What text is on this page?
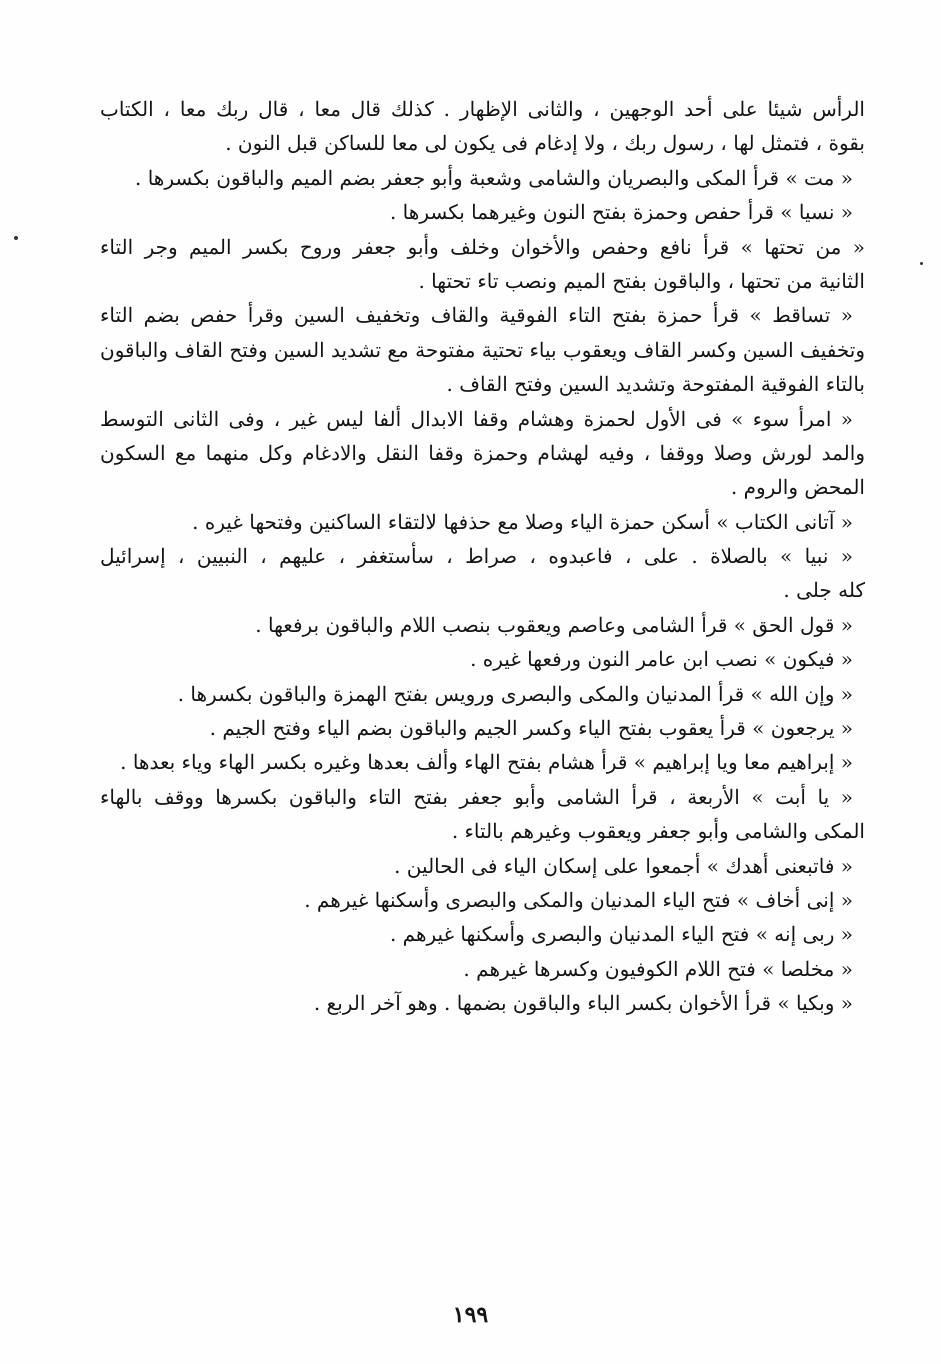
الرأس شيئا على أحد الوجهين ، والثانى الإظهار . كذلك قال معا ، قال ربك معا ، الكتاب
بقوة ، فتمثل لها ، رسول ربك ، ولا إدغام فى يكون لى معا للساكن قبل النون .
« مت » قرأ المكى والبصريان والشامى وشعبة وأبو جعفر بضم الميم والباقون بكسرها .
« نسيا » قرأ حفص وحمزة بفتح النون وغيرهما بكسرها .
« من تحتها » قرأ نافع وحفص والأخوان وخلف وأبو جعفر وروح بكسر الميم وجر التاء
الثانية من تحتها ، والباقون بفتح الميم ونصب تاء تحتها .
« تساقط » قرأ حمزة بفتح التاء الفوقية والقاف وتخفيف السين وقرأ حفص بضم التاء
وتخفيف السين وكسر القاف ويعقوب بياء تحتية مفتوحة مع تشديد السين وفتح القاف والباقون
بالتاء الفوقية المفتوحة وتشديد السين وفتح القاف .
« امرأ سوء » فى الأول لحمزة وهشام وقفا الابدال ألفا ليس غير ، وفى الثانى التوسط
والمد لورش وصلا ووقفا ، وفيه لهشام وحمزة وقفا النقل والادغام وكل منهما مع السكون
المحض والروم .
« آتانى الكتاب » أسكن حمزة الياء وصلا مع حذفها لالتقاء الساكنين وفتحها غيره .
« نبيا » بالصلاة . على ، فاعبدوه ، صراط ، سأستغفر ، عليهم ، النبيين ، إسرائيل
كله جلى .
« قول الحق » قرأ الشامى وعاصم ويعقوب بنصب اللام والباقون برفعها .
« فيكون » نصب ابن عامر النون ورفعها غيره .
« وإن الله » قرأ المدنيان والمكى والبصرى ورويس بفتح الهمزة والباقون بكسرها .
« يرجعون » قرأ يعقوب بفتح الياء وكسر الجيم والباقون بضم الياء وفتح الجيم .
« إبراهيم معا ويا إبراهيم » قرأ هشام بفتح الهاء وألف بعدها وغيره بكسر الهاء وياء بعدها .
« يا أبت » الأربعة ، قرأ الشامى وأبو جعفر بفتح التاء والباقون بكسرها ووقف بالهاء
المكى والشامى وأبو جعفر ويعقوب وغيرهم بالتاء .
« فاتبعنى أهدك » أجمعوا على إسكان الياء فى الحالين .
« إنى أخاف » فتح الياء المدنيان والمكى والبصرى وأسكنها غيرهم .
« ربى إنه » فتح الياء المدنيان والبصرى وأسكنها غيرهم .
« مخلصا » فتح اللام الكوفيون وكسرها غيرهم .
« وبكيا » قرأ الأخوان بكسر الباء والباقون بضمها . وهو آخر الربع .
١٩٩
